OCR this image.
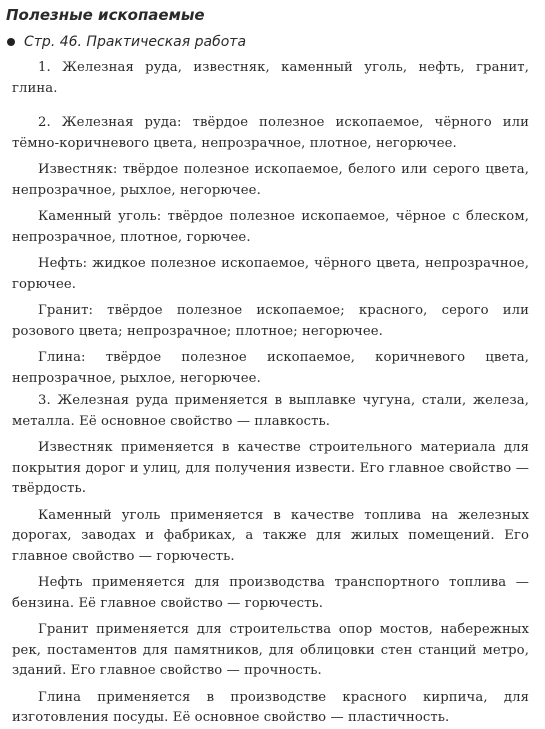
Полезные ископаемые
Стр. 46. Практическая работа

1. Железная руда, известняк, каменный уголь, нефть, гранит, глина.

2. Железная руда: твёрдое полезное ископаемое, чёрного или тёмно-коричневого цвета, непрозрачное, плотное, негорючее.

Известняк: твёрдое полезное ископаемое, белого или серого цвета, непрозрачное, рыхлое, негорючее.

Каменный уголь: твёрдое полезное ископаемое, чёрное с блеском, непрозрачное, плотное, горючее.

Нефть: жидкое полезное ископаемое, чёрного цвета, непрозрачное, горючее.

Гранит: твёрдое полезное ископаемое; красного, серого или розового цвета; непрозрачное; плотное; негорючее.

Глина: твёрдое полезное ископаемое, коричневого цвета, непрозрачное, рыхлое, негорючее.

3. Железная руда применяется в выплавке чугуна, стали, железа, металла. Её основное свойство — плавкость.

Известняк применяется в качестве строительного материала для покрытия дорог и улиц, для получения извести. Его главное свойство — твёрдость.

Каменный уголь применяется в качестве топлива на железных дорогах, заводах и фабриках, а также для жилых помещений. Его главное свойство — горючесть.

Нефть применяется для производства транспортного топлива — бензина. Её главное свойство — горючесть.

Гранит применяется для строительства опор мостов, набережных рек, постаментов для памятников, для облицовки стен станций метро, зданий. Его главное свойство — прочность.

Глина применяется в производстве красного кирпича, для изготовления посуды. Её основное свойство — пластичность.
